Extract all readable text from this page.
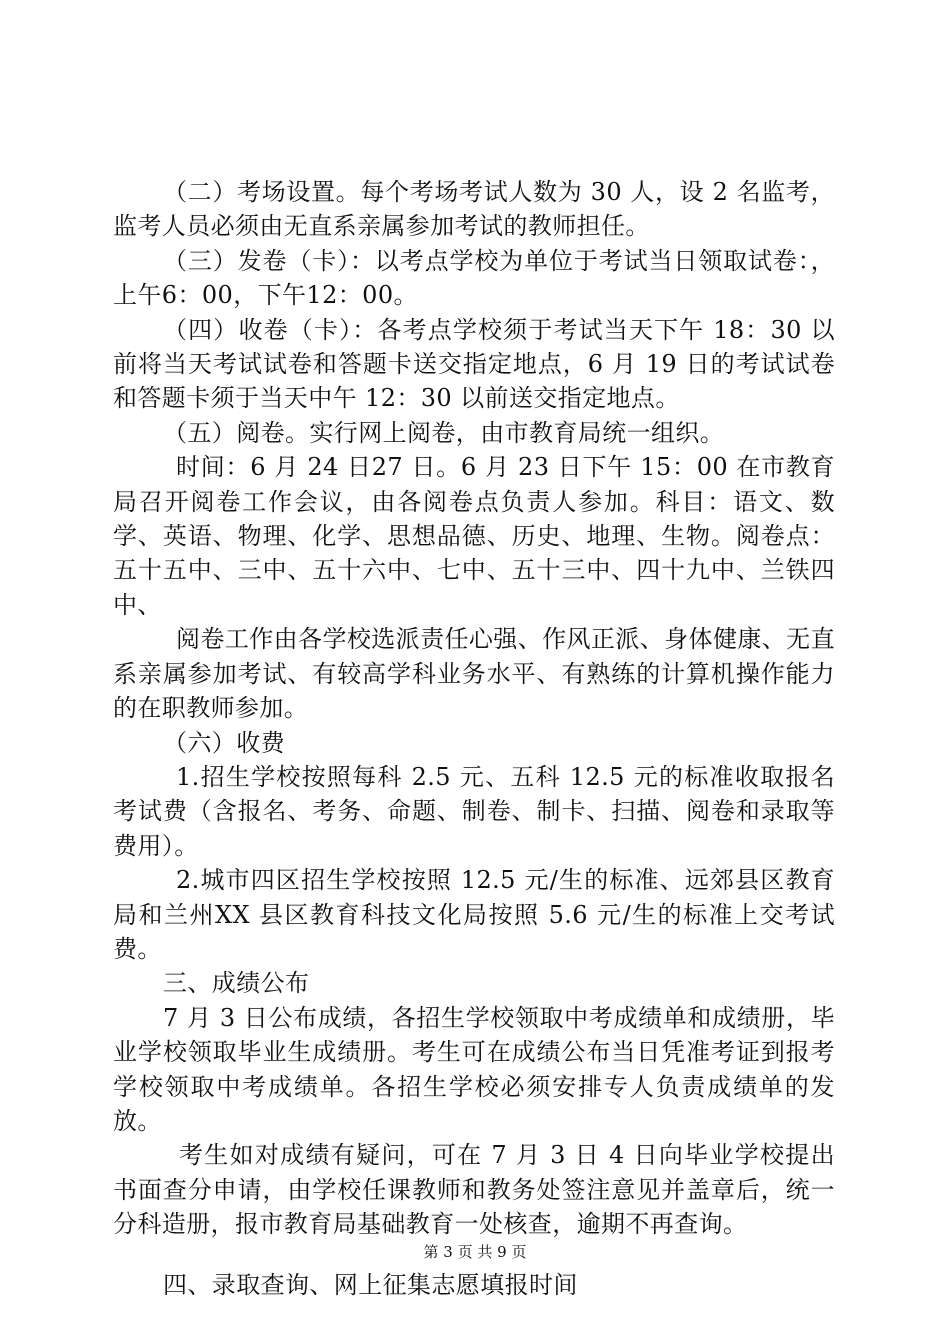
（二）考场设置。每个考场考试人数为 30 人，设 2 名监考，监考人员必须由无直系亲属参加考试的教师担任。

（三）发卷（卡）：以考点学校为单位于考试当日领取试卷：，上午6：00，下午12：00。

（四）收卷（卡）：各考点学校须于考试当天下午 18：30 以前将当天考试试卷和答题卡送交指定地点，6 月 19 日的考试试卷和答题卡须于当天中午 12：30 以前送交指定地点。

（五）阅卷。实行网上阅卷，由市教育局统一组织。

时间：6 月 24 日27 日。6 月 23 日下午 15：00 在市教育局召开阅卷工作会议，由各阅卷点负责人参加。科目：语文、数学、英语、物理、化学、思想品德、历史、地理、生物。阅卷点：五十五中、三中、五十六中、七中、五十三中、四十九中、兰铁四中、

阅卷工作由各学校选派责任心强、作风正派、身体健康、无直系亲属参加考试、有较高学科业务水平、有熟练的计算机操作能力的在职教师参加。

（六）收费

1.招生学校按照每科 2.5 元、五科 12.5 元的标准收取报名考试费（含报名、考务、命题、制卷、制卡、扫描、阅卷和录取等费用）。

2.城市四区招生学校按照 12.5 元/生的标准、远郊县区教育局和兰州XX 县区教育科技文化局按照 5.6 元/生的标准上交考试费。

三、成绩公布

7 月 3 日公布成绩，各招生学校领取中考成绩单和成绩册，毕业学校领取毕业生成绩册。考生可在成绩公布当日凭准考证到报考学校领取中考成绩单。各招生学校必须安排专人负责成绩单的发放。

考生如对成绩有疑问，可在 7 月 3 日 4 日向毕业学校提出书面查分申请，由学校任课教师和教务处签注意见并盖章后，统一分科造册，报市教育局基础教育一处核查，逾期不再查询。

四、录取查询、网上征集志愿填报时间

第 3 页 共 9 页
